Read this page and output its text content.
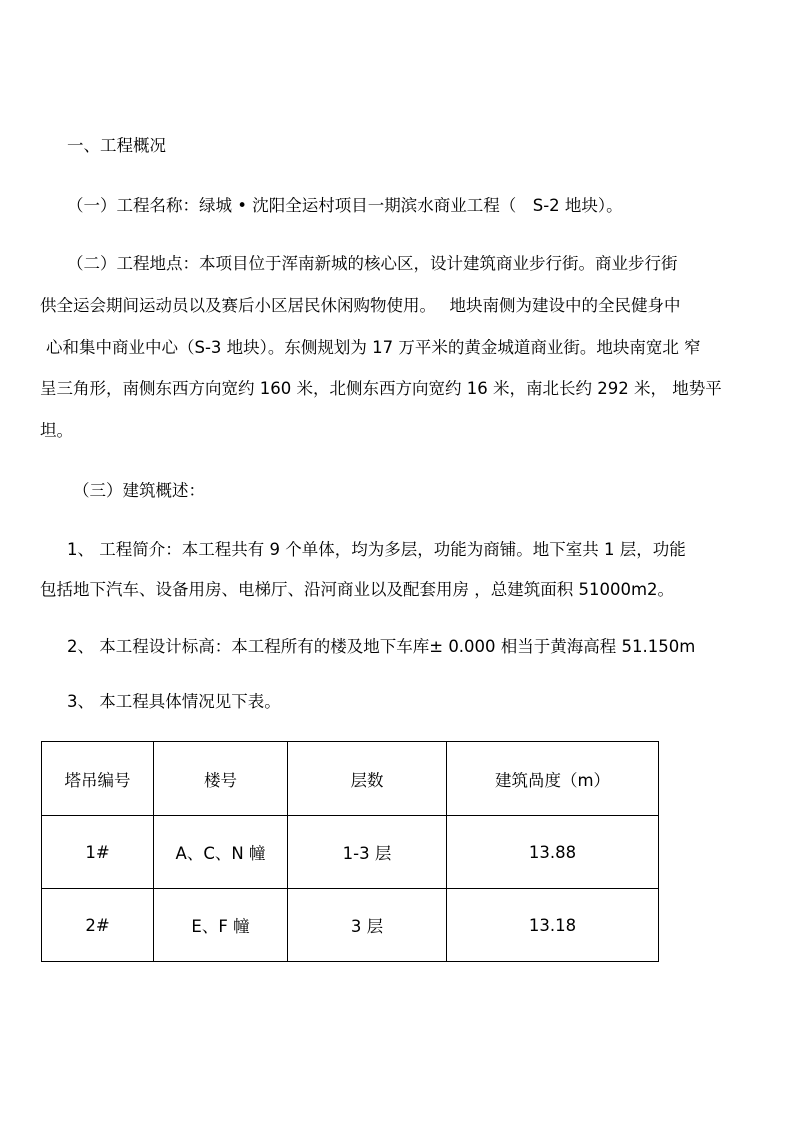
一、工程概况

（一）工程名称：绿城 • 沈阳全运村项目一期滨水商业工程（　S-2 地块）。

（二）工程地点：本项目位于浑南新城的核心区，设计建筑商业步行街。商业步行街

供全运会期间运动员以及赛后小区居民休闲购物使用。　 地块南侧为建设中的全民健身中

心和集中商业中心（S-3 地块）。东侧规划为 17 万平米的黄金城道商业街。地块南宽北 窄

呈三角形，南侧东西方向宽约 160 米，北侧东西方向宽约 16 米，南北长约 292 米， 地势平

坦。

（三）建筑概述：

1、 工程简介：本工程共有 9 个单体，均为多层，功能为商铺。地下室共 1 层，功能

包括地下汽车、设备用房、电梯厅、沿河商业以及配套用房 ，总建筑面积 51000m2。

2、 本工程设计标高：本工程所有的楼及地下车库± 0.000 相当于黄海高程 51.150m

3、 本工程具体情况见下表。

塔吊编号	楼号	层数	建筑咼度（m）
1#	A、C、N 幢	1-3 层	13.88
2#	E、F 幢	3 层	13.18
